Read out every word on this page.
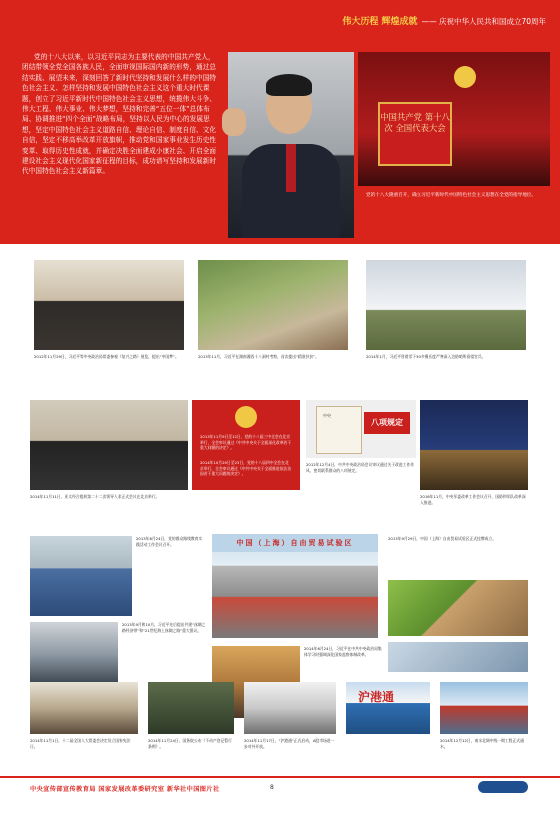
伟大历程 辉煌成就 —— 庆祝中华人民共和国成立70周年

党的十八大以来，以习近平同志为主要代表的中国共产党人，团结带领全党全国各族人民，全面审视国际国内新的形势，通过总结实践、展望未来，深刻回答了新时代坚持和发展什么样的中国特色社会主义、怎样坚持和发展中国特色社会主义这个重大时代课题，创立了习近平新时代中国特色社会主义思想，统揽伟大斗争、伟大工程、伟大事业、伟大梦想，坚持和完善“五位一体”总体布局、协调推进“四个全面”战略布局，坚持以人民为中心的发展思想，坚定中国特色社会主义道路自信、理论自信、制度自信、文化自信，坚定不移高举改革开放旗帜，推动党和国家事业发生历史性变革、取得历史性成就，并确定决胜全面建成小康社会、开启全面建设社会主义现代化国家新征程的目标，成功谱写坚持和发展新时代中国特色社会主义新篇章。

中国共产党 第十八次 全国代表大会

党的十八大隆重召开，确立习近平新时代中国特色社会主义思想在全党的指导地位。

2012年11月29日，习近平等中央政治局常委参观《复兴之路》展览，提出“中国梦”。	2013年11月，习近平在湖南湘西十八洞村考察，首次提出“精准扶贫”。	2014年1月，习近平冒着零下30多摄氏度严寒深入边防哨所看望官兵。

2014年11月11日，亚太经合组织第二十二次领导人非正式会议在北京举行。

2013年11月9日至12日，党的十八届三中全会在北京举行，全会审议通过《中共中央关于全面深化改革若干重大问题的决定》。

2014年10月20日至23日，党的十八届四中全会在北京举行，全会审议通过《中共中央关于全面推进依法治国若干重大问题的决定》。

中央
八项规定

2012年12月4日，中共中央政治局会议审议通过关于改进工作作风、密切联系群众的八项规定。

2016年11月，中央军委改革工作会议召开，国防和军队改革深入推进。

2013年6月24日，党的群众路线教育实践活动工作会议召开。	中国（上海）自由贸易试验区

2013年9月29日，中国（上海）自由贸易试验区正式挂牌成立。

2013年9月和10月，习近平先后提出共建“丝绸之路经济带”和“21世纪海上丝绸之路”重大倡议。

2014年6月24日，习近平在中共中央政治局集体学习时强调深化国家监察体制改革。

2014年11月1日，十二届全国人大常委会决定设立国家宪法日。

2014年11月24日，国务院公布《不动产登记暂行条例》。

2014年11月17日，“沪港通”正式启动，A股市场进一步对外开放。

沪港通

2014年12月12日，南水北调中线一期工程正式通水。

中央宣传部宣传教育局 国家发展改革委研究室 新华社中国图片社	8
